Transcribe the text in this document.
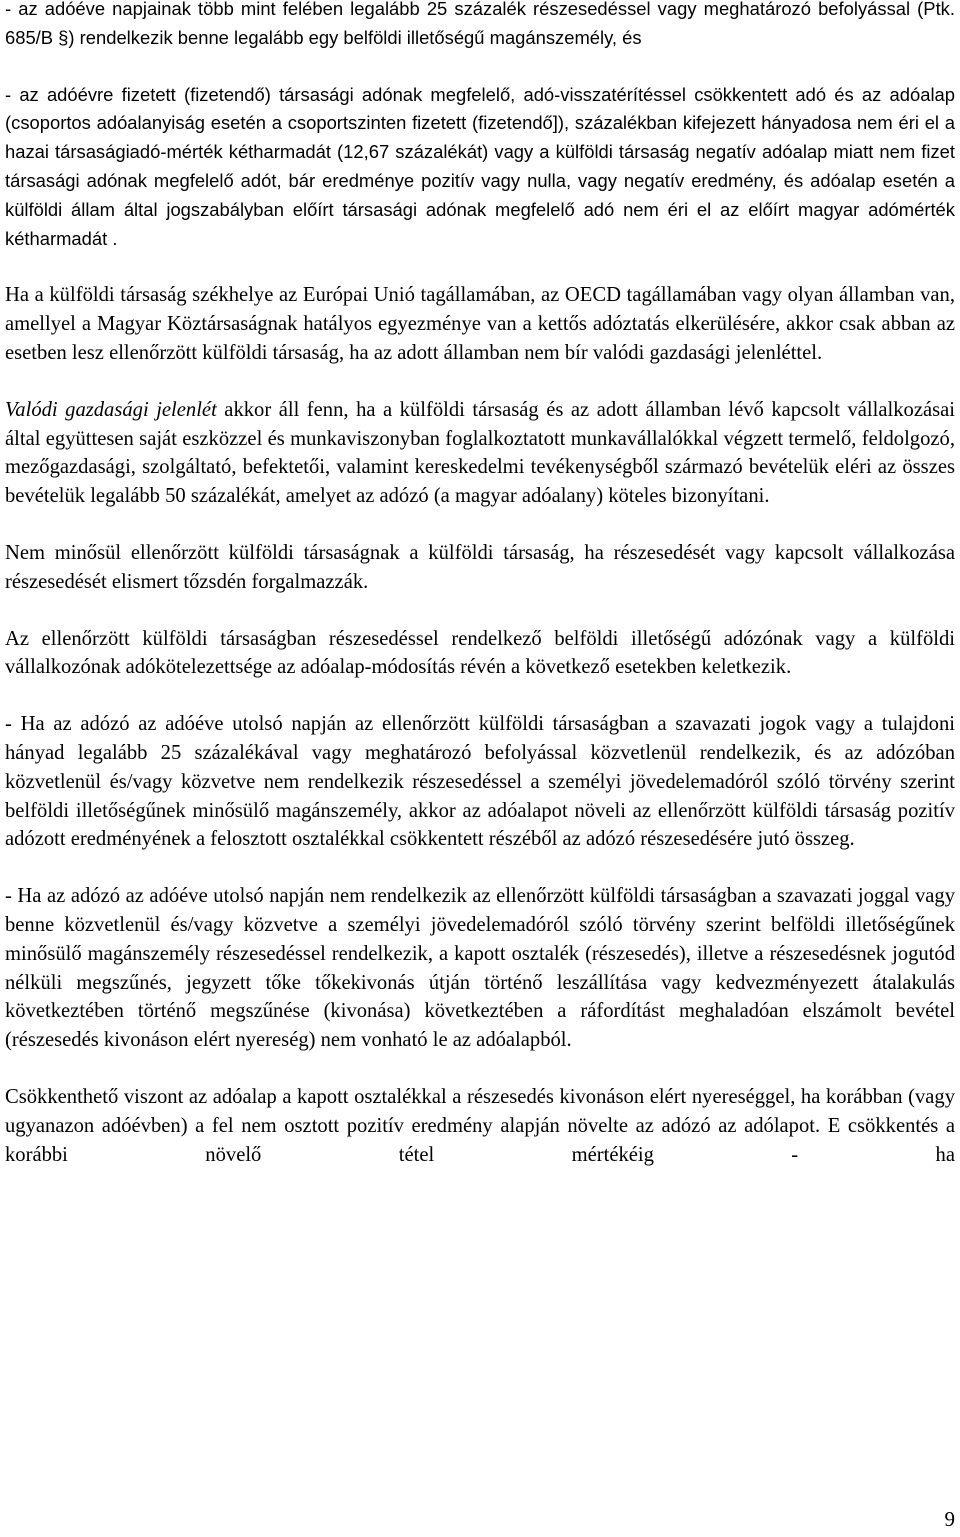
- az adóéve napjainak több mint felében legalább 25 százalék részesedéssel vagy meghatározó befolyással (Ptk. 685/B §) rendelkezik benne legalább egy belföldi illetőségű magánszemély, és

- az adóévre fizetett (fizetendő) társasági adónak megfelelő, adó-visszatérítéssel csökkentett adó és az adóalap (csoportos adóalanyiság esetén a csoportszinten fizetett (fizetendő]), százalékban kifejezett hányadosa nem éri el a hazai társaságiadó-mérték kétharmadát (12,67 százalékát) vagy a külföldi társaság negatív adóalap miatt nem fizet társasági adónak megfelelő adót, bár eredménye pozitív vagy nulla, vagy negatív eredmény, és adóalap esetén a külföldi állam által jogszabályban előírt társasági adónak megfelelő adó nem éri el az előírt magyar adómérték kétharmadát .

Ha a külföldi társaság székhelye az Európai Unió tagállamában, az OECD tagállamában vagy olyan államban van, amellyel a Magyar Köztársaságnak hatályos egyezménye van a kettős adóztatás elkerülésére, akkor csak abban az esetben lesz ellenőrzött külföldi társaság, ha az adott államban nem bír valódi gazdasági jelenléttel.

Valódi gazdasági jelenlét akkor áll fenn, ha a külföldi társaság és az adott államban lévő kapcsolt vállalkozásai által együttesen saját eszközzel és munkaviszonyban foglalkoztatott munkavállalókkal végzett termelő, feldolgozó, mezőgazdasági, szolgáltató, befektetői, valamint kereskedelmi tevékenységből származó bevételük eléri az összes bevételük legalább 50 százalékát, amelyet az adózó (a magyar adóalany) köteles bizonyítani.

Nem minősül ellenőrzött külföldi társaságnak a külföldi társaság, ha részesedését vagy kapcsolt vállalkozása részesedését elismert tőzsdén forgalmazzák.

Az ellenőrzött külföldi társaságban részesedéssel rendelkező belföldi illetőségű adózónak vagy a külföldi vállalkozónak adókötelezettsége az adóalap-módosítás révén a következő esetekben keletkezik.

- Ha az adózó az adóéve utolsó napján az ellenőrzött külföldi társaságban a szavazati jogok vagy a tulajdoni hányad legalább 25 százalékával vagy meghatározó befolyással közvetlenül rendelkezik, és az adózóban közvetlenül és/vagy közvetve nem rendelkezik részesedéssel a személyi jövedelemadóról szóló törvény szerint belföldi illetőségűnek minősülő magánszemély, akkor az adóalapot növeli az ellenőrzött külföldi társaság pozitív adózott eredményének a felosztott osztalékkal csökkentett részéből az adózó részesedésére jutó összeg.

- Ha az adózó az adóéve utolsó napján nem rendelkezik az ellenőrzött külföldi társaságban a szavazati joggal vagy benne közvetlenül és/vagy közvetve a személyi jövedelemadóról szóló törvény szerint belföldi illetőségűnek minősülő magánszemély részesedéssel rendelkezik, a kapott osztalék (részesedés), illetve a részesedésnek jogutód nélküli megszűnés, jegyzett tőke tőkekivonás útján történő leszállítása vagy kedvezményezett átalakulás következtében történő megszűnése (kivonása) következtében a ráfordítást meghaladóan elszámolt bevétel (részesedés kivonáson elért nyereség) nem vonható le az adóalapból.

Csökkenthető viszont az adóalap a kapott osztalékkal a részesedés kivonáson elért nyereséggel, ha korábban (vagy ugyanazon adóévben) a fel nem osztott pozitív eredmény alapján növelte az adózó az adólapot. E csökkentés a korábbi növelő tétel mértékéig - ha

9
